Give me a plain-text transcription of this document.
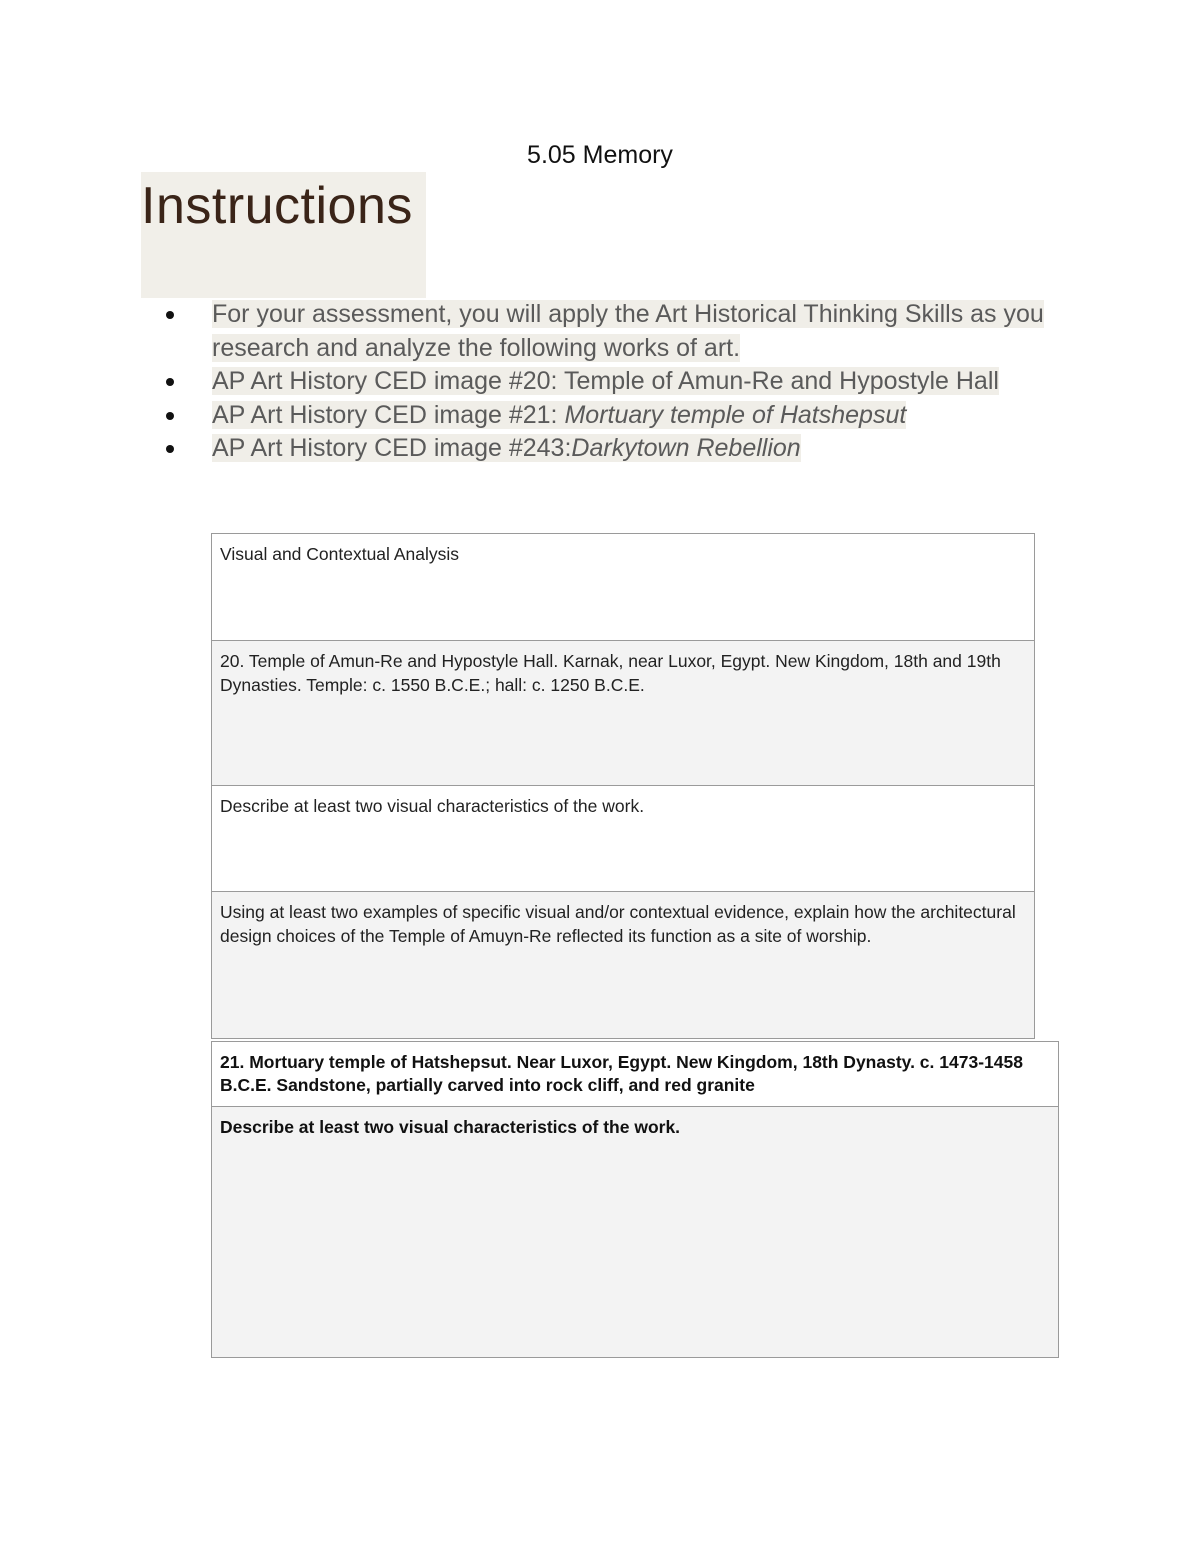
5.05 Memory
Instructions
For your assessment, you will apply the Art Historical Thinking Skills as you research and analyze the following works of art.
AP Art History CED image #20: Temple of Amun-Re and Hypostyle Hall
AP Art History CED image #21: Mortuary temple of Hatshepsut
AP Art History CED image #243:Darkytown Rebellion
Visual and Contextual Analysis
20. Temple of Amun-Re and Hypostyle Hall. Karnak, near Luxor, Egypt. New Kingdom, 18th and 19th Dynasties. Temple: c. 1550 B.C.E.; hall: c. 1250 B.C.E.
Describe at least two visual characteristics of the work.
Using at least two examples of specific visual and/or contextual evidence, explain how the architectural design choices of the Temple of Amuyn-Re reflected its function as a site of worship.
21. Mortuary temple of Hatshepsut. Near Luxor, Egypt. New Kingdom, 18th Dynasty. c. 1473-1458 B.C.E. Sandstone, partially carved into rock cliff, and red granite
Describe at least two visual characteristics of the work.
